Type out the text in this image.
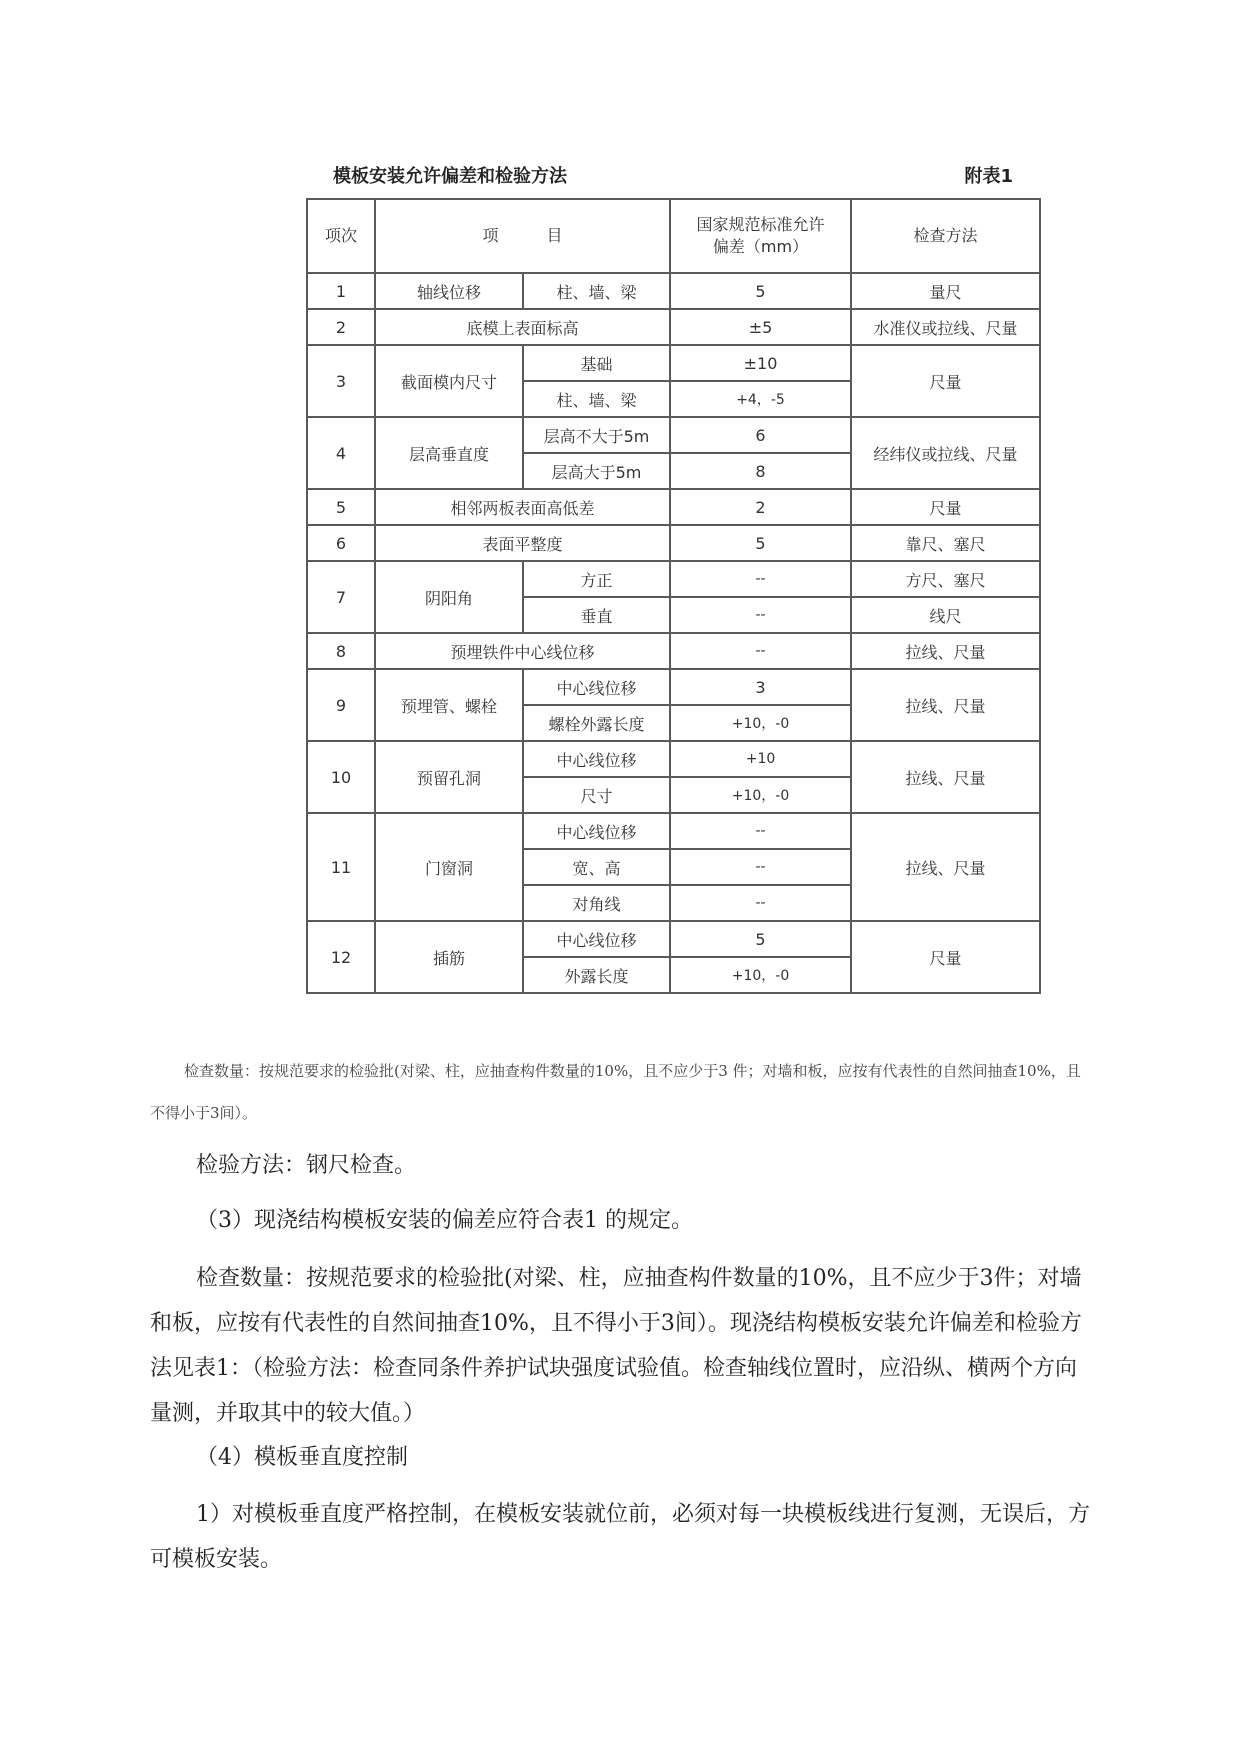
模板安装允许偏差和检验方法	附表1
项次	项　　　目		国家规范标准允许偏差（mm）	检查方法
1	轴线位移	柱、墙、梁	5	量尺
2	底模上表面标高		±5	水准仪或拉线、尺量
3	截面模内尺寸	基础	±10	尺量
		柱、墙、梁	+4，-5	
4	层高垂直度	层高不大于5m	6	经纬仪或拉线、尺量
		层高大于5m	8	
5	相邻两板表面高低差		2	尺量
6	表面平整度		5	靠尺、塞尺
7	阴阳角	方正	--	方尺、塞尺
		垂直	--	线尺
8	预埋铁件中心线位移		--	拉线、尺量
9	预埋管、螺栓	中心线位移	3	拉线、尺量
		螺栓外露长度	+10，-0	
10	预留孔洞	中心线位移	+10	拉线、尺量
		尺寸	+10，-0	
11	门窗洞	中心线位移	--	拉线、尺量
		宽、高	--	
		对角线	--	
12	插筋	中心线位移	5	尺量
		外露长度	+10，-0	

检查数量：按规范要求的检验批(对梁、柱，应抽查构件数量的10%，且不应少于3 件；对墙和板，应按有代表性的自然间抽查10%，且不得小于3间）。

检验方法：钢尺检查。

（3）现浇结构模板安装的偏差应符合表1 的规定。

检查数量：按规范要求的检验批(对梁、柱，应抽查构件数量的10%，且不应少于3件；对墙和板，应按有代表性的自然间抽查10%，且不得小于3间）。现浇结构模板安装允许偏差和检验方法见表1：（检验方法：检查同条件养护试块强度试验值。检查轴线位置时，应沿纵、横两个方向量测，并取其中的较大值。）

（4）模板垂直度控制

1）对模板垂直度严格控制，在模板安装就位前，必须对每一块模板线进行复测，无误后，方可模板安装。
